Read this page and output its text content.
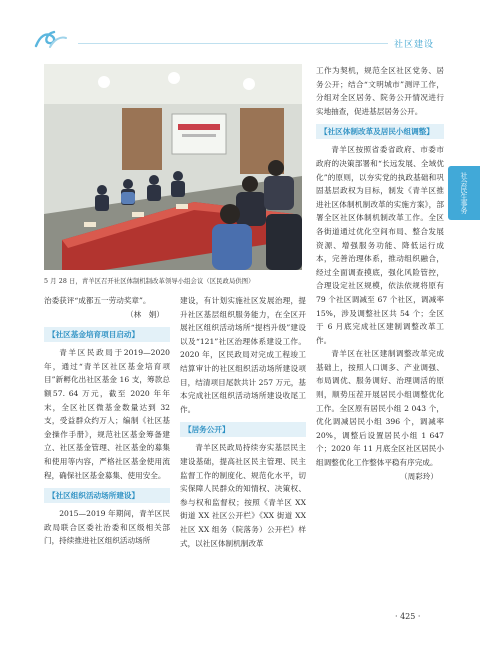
社区建设
社会民生事务
5 月 28 日，青羊区召开社区体制机制改革领导小组会议（区民政局供图）

治委获评“成都五一劳动奖章”。

（林　娟）

【社区基金培育项目启动】

青羊区民政局于2019—2020 年，通过“青羊区社区基金培育项目”新孵化出社区基金 16 支，筹款总额57. 64 万元，截至 2020 年年末，全区社区微基金数量达到 32 支，受益群众约万人；编制《社区基金操作手册》，规范社区基金筹备建立、社区基金管理、社区基金的募集和使用等内容，严格社区基金使用流程，确保社区基金募集、使用安全。

【社区组织活动场所建设】

2015—2019 年期间，青羊区民政局联合区委社治委和区级相关部门，持续推进社区组织活动场所

建设，有计划实施社区发展治理，提升社区基层组织服务能力，在全区开展社区组织活动场所“提档升级”建设以及“121”社区治理体系建设工作。2020 年，区民政局对完成工程竣工结算审计的社区组织活动场所建设项目，结清项目尾款共计 257 万元，基本完成社区组织活动场所建设收尾工作。

【居务公开】

青羊区民政局持续夯实基层民主建设基础，提高社区民主管理、民主监督工作的制度化、规范化水平，切实保障人民群众的知情权、决策权、参与权和监督权；按照《青羊区 XX 街道 XX 社区公开栏》《XX 街道 XX 社区 XX 组务（院落务）公开栏》样式，以社区体制机制改革

工作为契机，规范全区社区党务、居务公开；结合“文明城市”测评工作，分组对全区居务、院务公开情况进行实地抽查，促进基层居务公开。

【社区体制改革及居民小组调整】

青羊区按照省委省政府、市委市政府的决策部署和“长远发展、全域优化”的原则，以夯实党的执政基础和巩固基层政权为目标，制发《青羊区推进社区体制机制改革的实施方案》，部署全区社区体制机制改革工作。全区各街道通过优化空间布局、整合发展资源、增强服务功能、降低运行成本，完善治理体系，推动组织融合，经过全面调查摸底，强化风险管控，合理设定社区规模，依法依规将原有 79 个社区调减至 67 个社区，调减率 15%，涉及调整社区共 54 个；全区于 6 月底完成社区建制调整改革工作。

青羊区在社区建制调整改革完成基础上，按照人口调多、产业调强、布局调优、服务调好、治理调活的原则，顺势压茬开展居民小组调整优化工作。全区原有居民小组 2 043 个，优化调减居民小组 396 个，调减率 20%，调整后设置居民小组 1 647 个；2020 年 11 月底全区社区居民小组调整优化工作整体平稳有序完成。

（周彩玲）

· 425 ·
